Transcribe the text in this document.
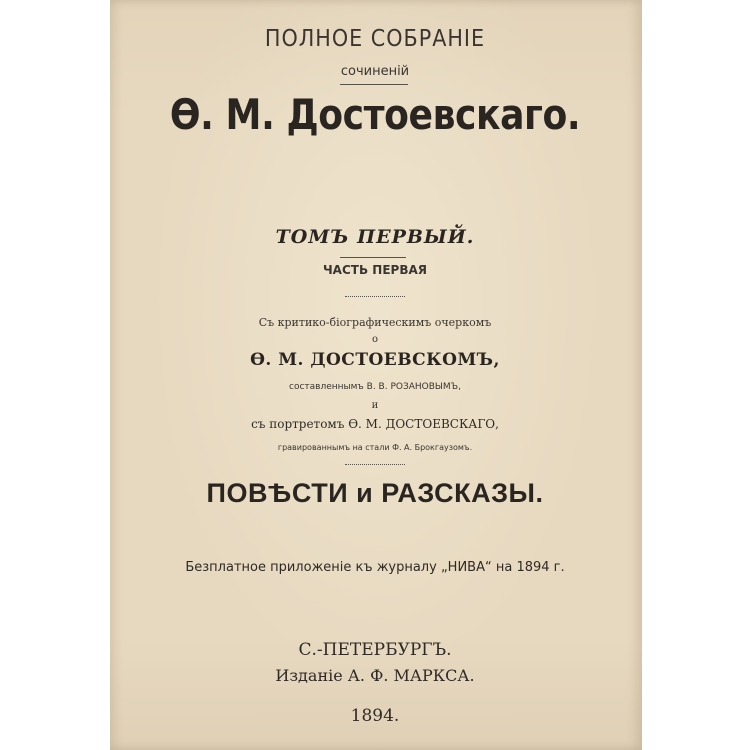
ПОЛНОЕ СОБРАНІЕ
сочиненій
Ѳ. М. Достоевскаго.
ТОМЪ ПЕРВЫЙ.
ЧАСТЬ ПЕРВАЯ
Съ критико-біографическимъ очеркомъ
о
Ѳ. М. ДОСТОЕВСКОМЪ,
составленнымъ В. В. РОЗАНОВЫМЪ,
и
съ портретомъ Ѳ. М. ДОСТОЕВСКАГО,
гравированнымъ на стали Ф. А. Брокгаузомъ.
ПОВѢСТИ и РАЗСКАЗЫ.
Безплатное приложеніе къ журналу „НИВА“ на 1894 г.
С.-ПЕТЕРБУРГЪ.
Изданіе А. Ф. МАРКСА.
1894.
